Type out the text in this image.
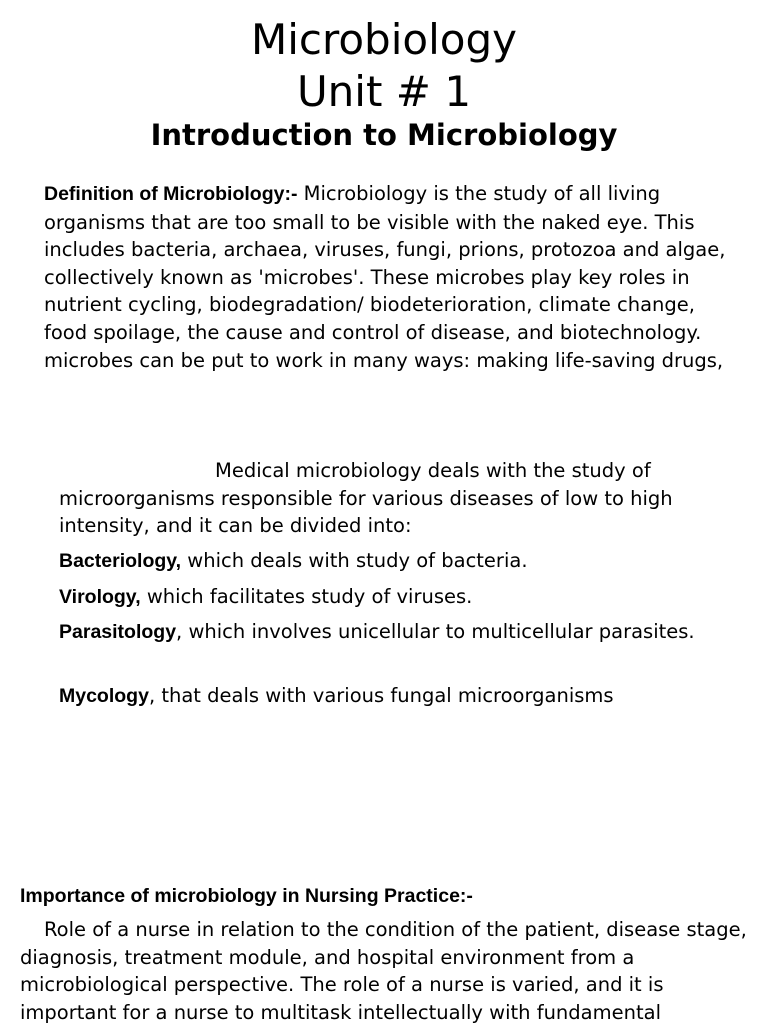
Microbiology
Unit # 1
Introduction to Microbiology
Definition of Microbiology:- Microbiology is the study of all living organisms that are too small to be visible with the naked eye. This includes bacteria, archaea, viruses, fungi, prions, protozoa and algae, collectively known as 'microbes'. These microbes play key roles in nutrient cycling, biodegradation/ biodeterioration, climate change, food spoilage, the cause and control of disease, and biotechnology. microbes can be put to work in many ways: making life-saving drugs,
Medical microbiology deals with the study of microorganisms responsible for various diseases of low to high intensity, and it can be divided into:
Bacteriology, which deals with study of bacteria.
Virology, which facilitates study of viruses.
Parasitology, which involves unicellular to multicellular parasites.
Mycology, that deals with various fungal microorganisms
Importance of microbiology in Nursing Practice:-
Role of a nurse in relation to the condition of the patient, disease stage, diagnosis, treatment module, and hospital environment from a microbiological perspective. The role of a nurse is varied, and it is important for a nurse to multitask intellectually with fundamental
